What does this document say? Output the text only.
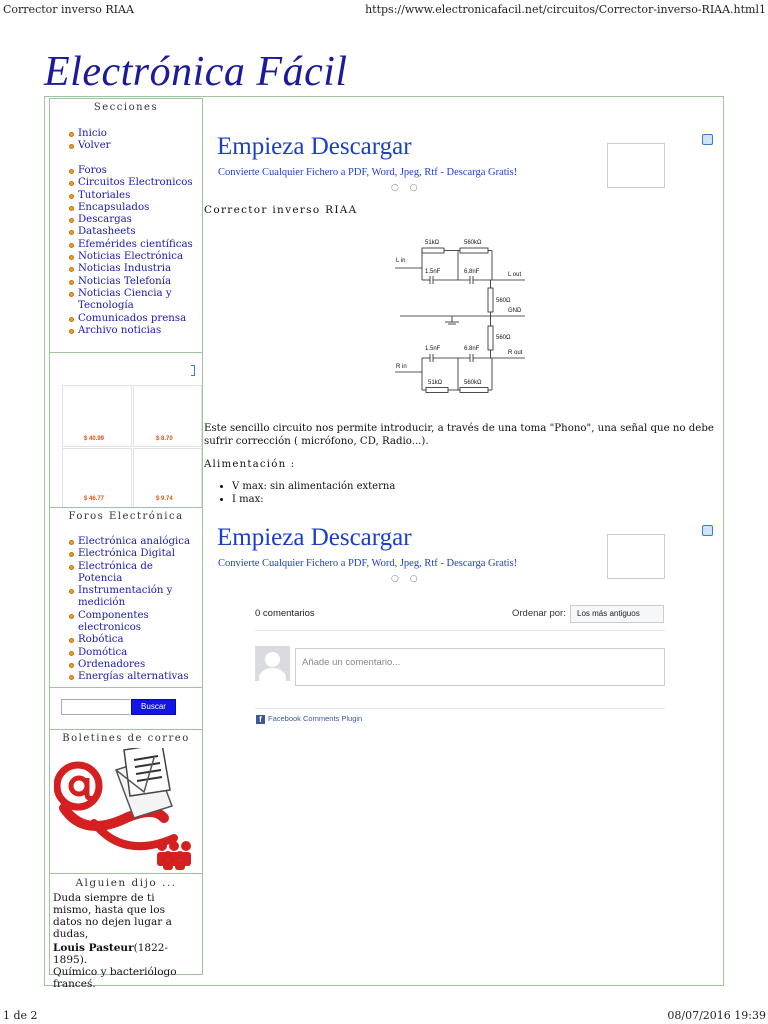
Corrector inverso RIAA	https://www.electronicafacil.net/circuitos/Corrector-inverso-RIAA.html1
Electrónica Fácil
Secciones
Inicio
Volver
Foros
Circuitos Electronicos
Tutoriales
Encapsulados
Descargas
Datasheets
Efemérides científicas
Noticias Electrónica
Noticias Industria
Noticias Telefonía
Noticias Ciencia y Tecnología
Comunicados prensa
Archivo noticias
$ 40.99	$ 8.70
$ 46.77	$ 9.74
Foros Electrónica
Electrónica analógica
Electrónica Digital
Electrónica de Potencia
Instrumentación y medición
Componentes electronicos
Robótica
Domótica
Ordenadores
Energías alternativas
Buscar
Boletines de correo
Alguien dijo ...
Duda siempre de ti mismo, hasta que los datos no dejen lugar a dudas,
Louis Pasteur(1822-1895).
Químico y bacteriólogo franceś.
Empieza Descargar
Convierte Cualquier Fichero a PDF, Word, Jpeg, Rtf - Descarga Gratis!
○ ○
Corrector inverso RIAA
L in
51kΩ	560kΩ
1.5nF	6.8nF	L out
560Ω
GND
560Ω
1.5nF	6.8nF
R out
R in
51kΩ	560kΩ
Este sencillo circuito nos permite introducir, a través de una toma "Phono", una señal que no debe sufrir corrección ( micrófono, CD, Radio...).
Alimentación :
• V max: sin alimentación externa
• I max:
Empieza Descargar
Convierte Cualquier Fichero a PDF, Word, Jpeg, Rtf - Descarga Gratis!
○ ○
0 comentarios	Ordenar por:	Los más antiguos
Añade un comentario...
f Facebook Comments Plugin
1 de 2	08/07/2016 19:39
